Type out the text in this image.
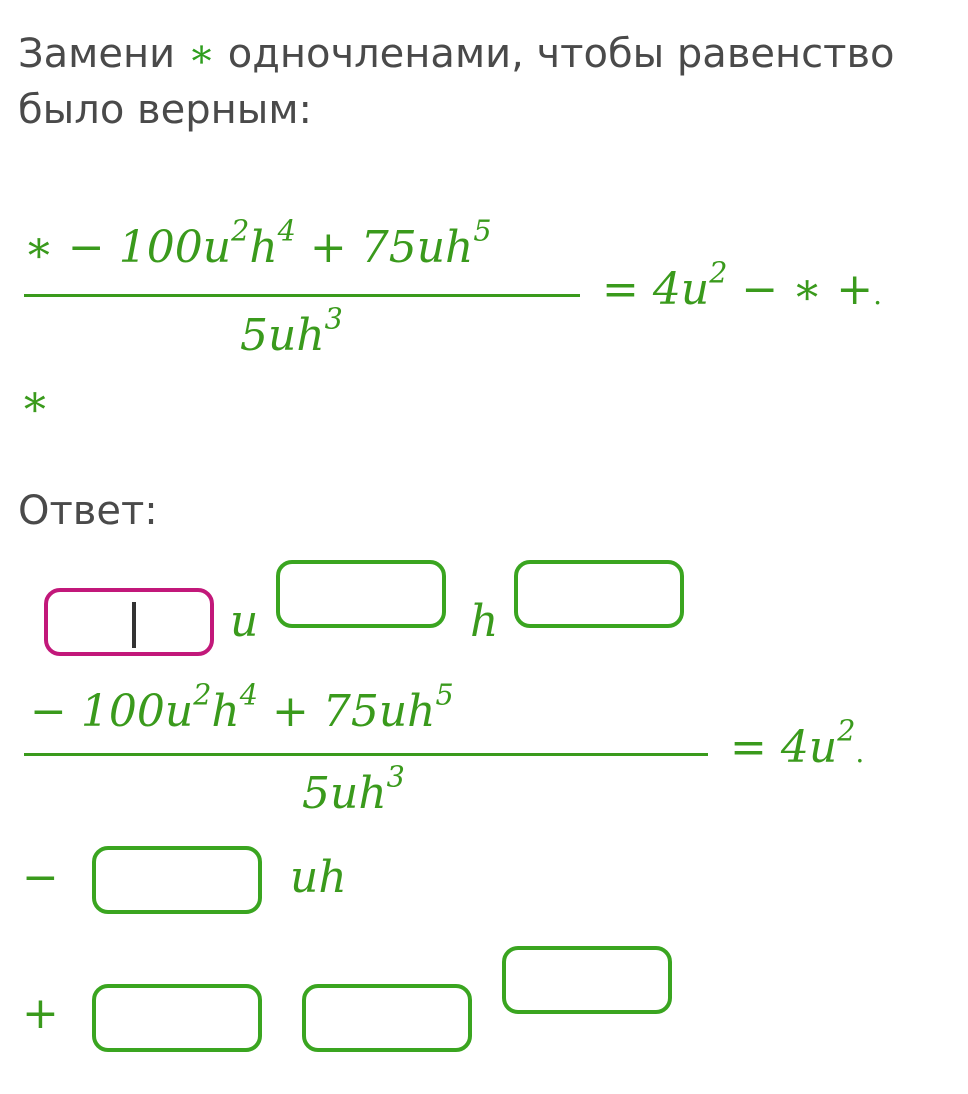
Замени ∗ одночленами, чтобы равенство было верным:
∗ − $100u^2h^4 + 75uh^5$
$5uh^3$
= $4u^2$ − ∗ +.
∗
Ответ:
u	h
− $100u^2h^4 + 75uh^5$
$5uh^3$
= $4u^2$.
−	uh
+
